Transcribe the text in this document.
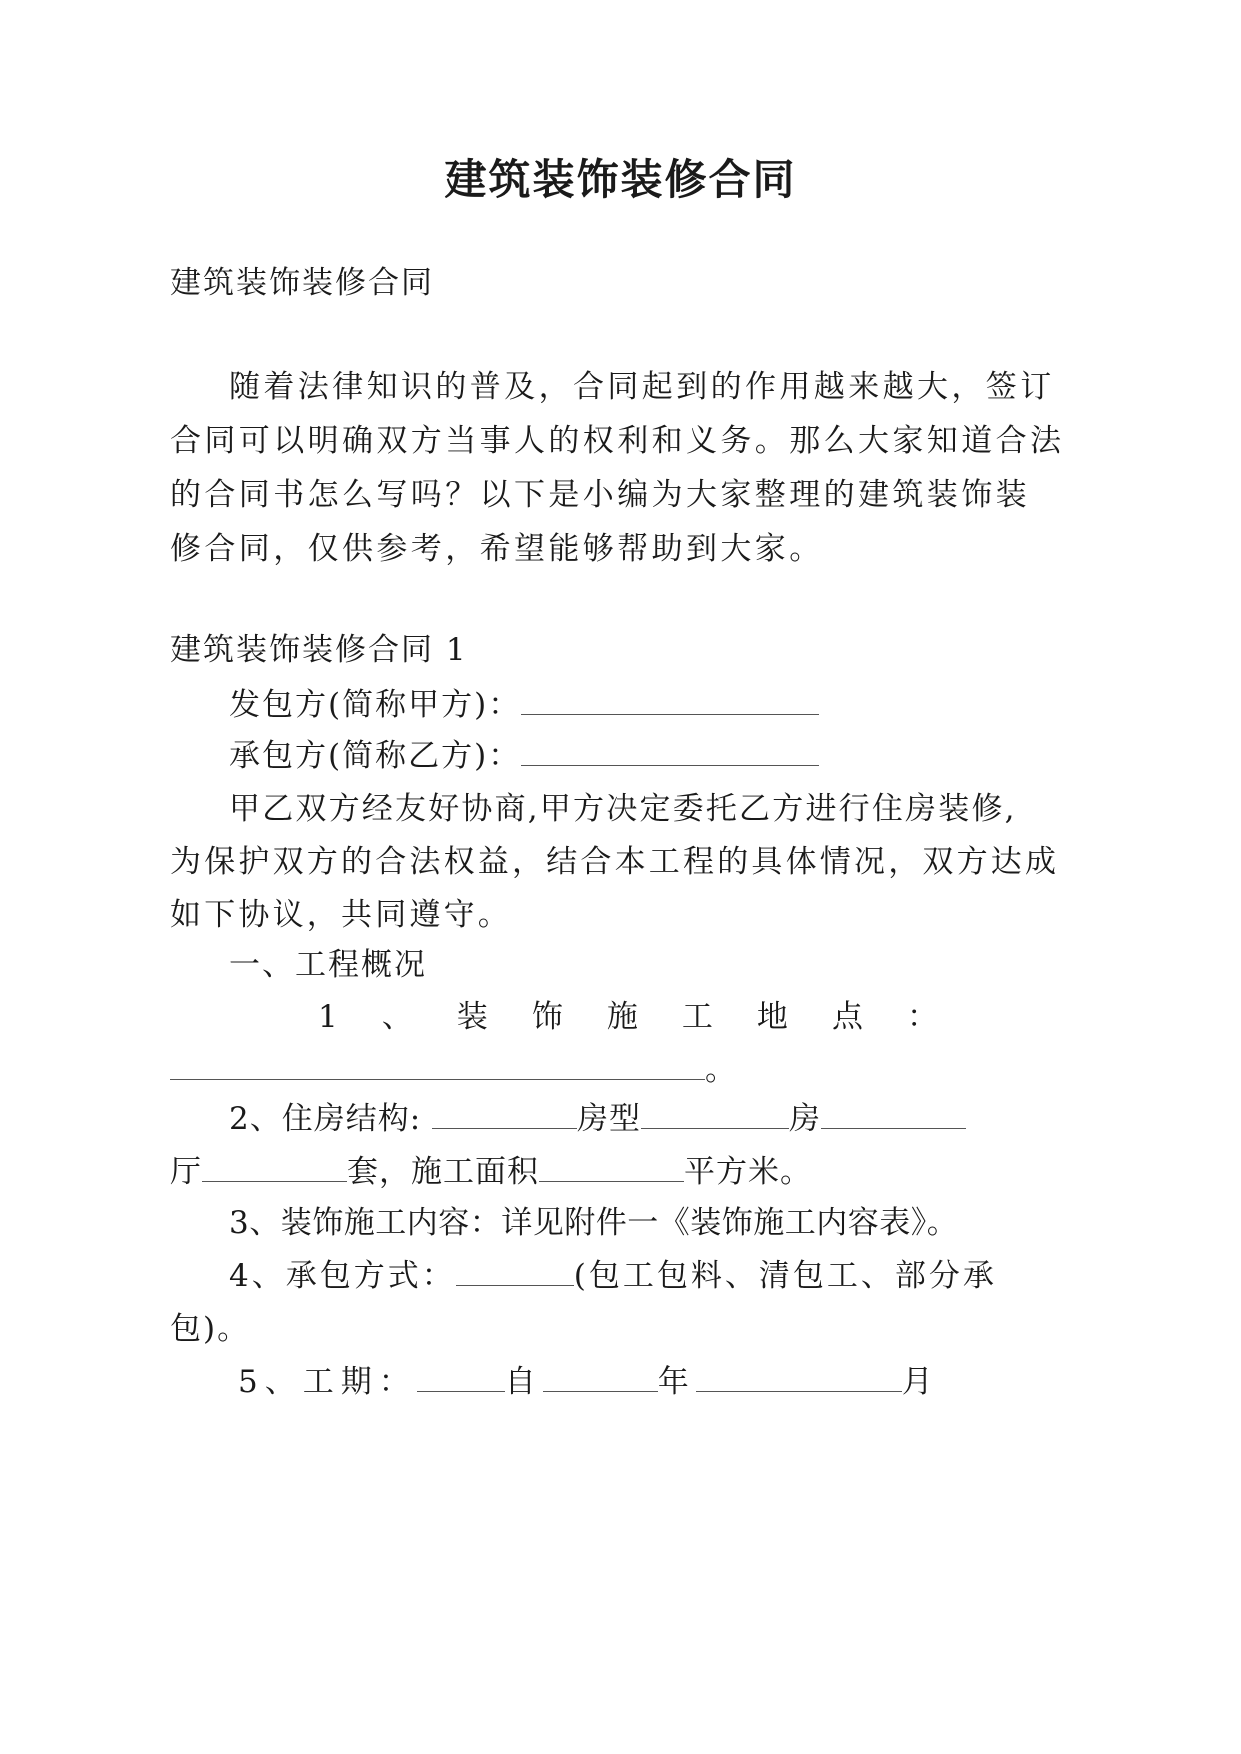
建筑装饰装修合同
建筑装饰装修合同
随着法律知识的普及，合同起到的作用越来越大，签订
合同可以明确双方当事人的权利和义务。那么大家知道合法
的合同书怎么写吗？以下是小编为大家整理的建筑装饰装
修合同，仅供参考，希望能够帮助到大家。
建筑装饰装修合同 1
发包方(简称甲方)：
承包方(简称乙方)：
甲乙双方经友好协商,甲方决定委托乙方进行住房装修,
为保护双方的合法权益，结合本工程的具体情况，双方达成
如下协议，共同遵守。
一、工程概况
1 、 装 饰 施 工 地 点 ：
。
2、住房结构:	房型	房
厅	套，施工面积	平方米。
3、装饰施工内容：详见附件一《装饰施工内容表》。
4、承包方式：	(包工包料、清包工、部分承
包)。
5、工期：	自	年	月
